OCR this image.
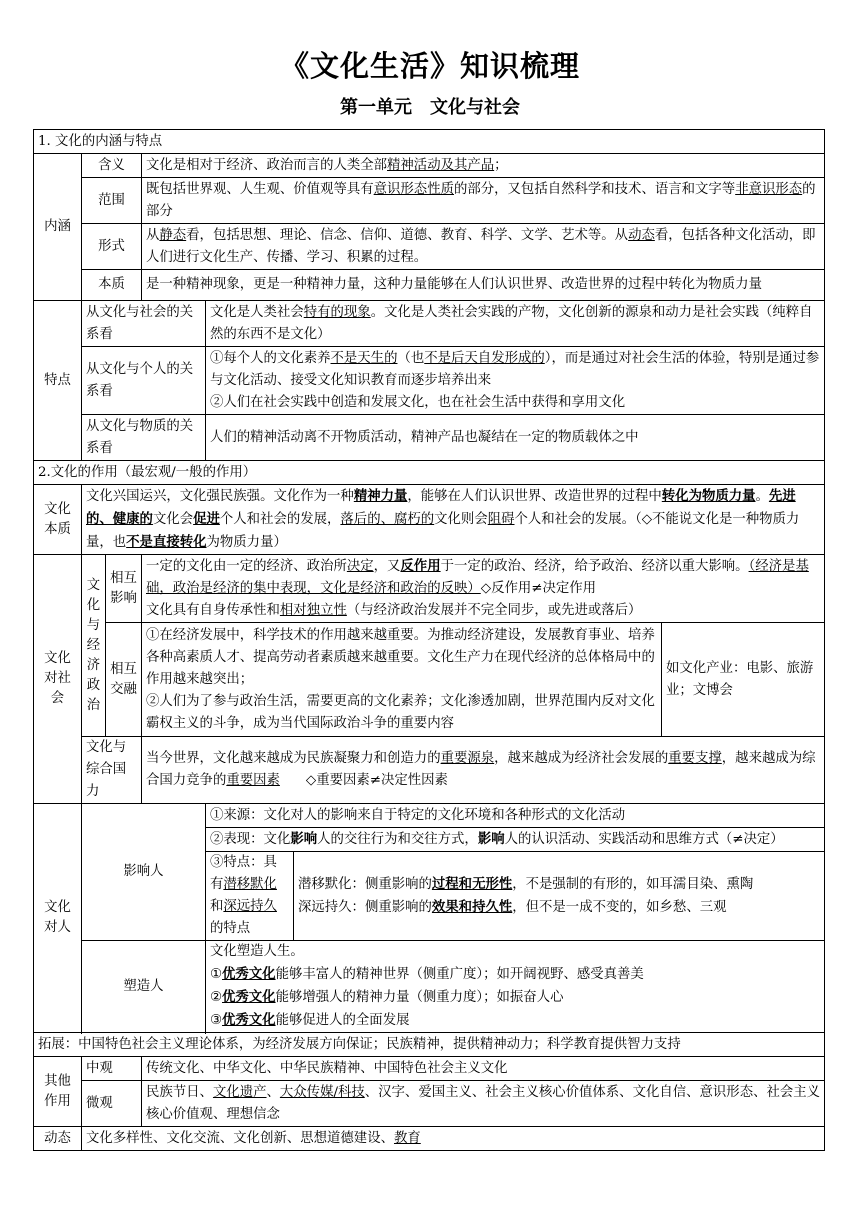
《文化生活》知识梳理
第一单元 文化与社会
1. 文化的内涵与特点						
内涵	含义		文化是相对于经济、政治而言的人类全部精神活动及其产品；			
	范围		既包括世界观、人生观、价值观等具有意识形态性质的部分，又包括自然科学和技术、语言和文字等非意识形态的部分			
	形式		从静态看，包括思想、理论、信念、信仰、道德、教育、科学、文学、艺术等。从动态看，包括各种文化活动，即人们进行文化生产、传播、学习、积累的过程。			
	本质		是一种精神现象，更是一种精神力量，这种力量能够在人们认识世界、改造世界的过程中转化为物质力量			
特点	从文化与社会的关系看			文化是人类社会特有的现象。文化是人类社会实践的产物，文化创新的源泉和动力是社会实践（纯粹自然的东西不是文化）		
	从文化与个人的关系看			①每个人的文化素养不是天生的（也不是后天自发形成的），而是通过对社会生活的体验，特别是通过参与文化活动、接受文化知识教育而逐步培养出来
②人们在社会实践中创造和发展文化，也在社会生活中获得和享用文化		

	从文化与物质的关系看			人们的精神活动离不开物质活动，精神产品也凝结在一定的物质载体之中		
2.文化的作用（最宏观/一般的作用）						
文化本质	文化兴国运兴，文化强民族强。文化作为一种精神力量，能够在人们认识世界、改造世界的过程中转化为物质力量。先进的、健康的文化会促进个人和社会的发展，落后的、腐朽的文化则会阻碍个人和社会的发展。（◇不能说文化是一种物质力量，也不是直接转化为物质力量）					
文化对社会	文化与经济政治	相互影响	一定的文化由一定的经济、政治所决定，又反作用于一定的政治、经济，给予政治、经济以重大影响。（经济是基础，政治是经济的集中表现，文化是经济和政治的反映）◇反作用≠决定作用
文化具有自身传承性和相对独立性（与经济政治发展并不完全同步，或先进或落后）			

		相互交融	①在经济发展中，科学技术的作用越来越重要。为推动经济建设，发展教育事业、培养各种高素质人才、提高劳动者素质越来越重要。文化生产力在现代经济的总体格局中的作用越来越突出；
②人们为了参与政治生活，需要更高的文化素养；文化渗透加剧，世界范围内反对文化霸权主义的斗争，成为当代国际政治斗争的重要内容			如文化产业：电影、旅游业；文博会
	文化与综合国力		当今世界，文化越来越成为民族凝聚力和创造力的重要源泉，越来越成为经济社会发展的重要支撑，越来越成为综合国力竞争的重要因素 ◇重要因素≠决定性因素			
文化对人	影响人			①来源：文化对人的影响来自于特定的文化环境和各种形式的文化活动		
				②表现：文化影响人的交往行为和交往方式，影响人的认识活动、实践活动和思维方式（≠决定）		
				③特点：具有潜移默化和深远持久的特点	潜移默化：侧重影响的过程和无形性，不是强制的有形的，如耳濡目染、熏陶
深远持久：侧重影响的效果和持久性，但不是一成不变的，如乡愁、三观	

	塑造人			文化塑造人生。
①优秀文化能够丰富人的精神世界（侧重广度）；如开阔视野、感受真善美
②优秀文化能够增强人的精神力量（侧重力度）；如振奋人心
③优秀文化能够促进人的全面发展		

拓展：中国特色社会主义理论体系，为经济发展方向保证；民族精神，提供精神动力；科学教育提供智力支持						
其他作用	中观		传统文化、中华文化、中华民族精神、中国特色社会主义文化			
	微观		民族节日、文化遗产、大众传媒/科技、汉字、爱国主义、社会主义核心价值体系、文化自信、意识形态、社会主义核心价值观、理想信念			
动态	文化多样性、文化交流、文化创新、思想道德建设、教育					
